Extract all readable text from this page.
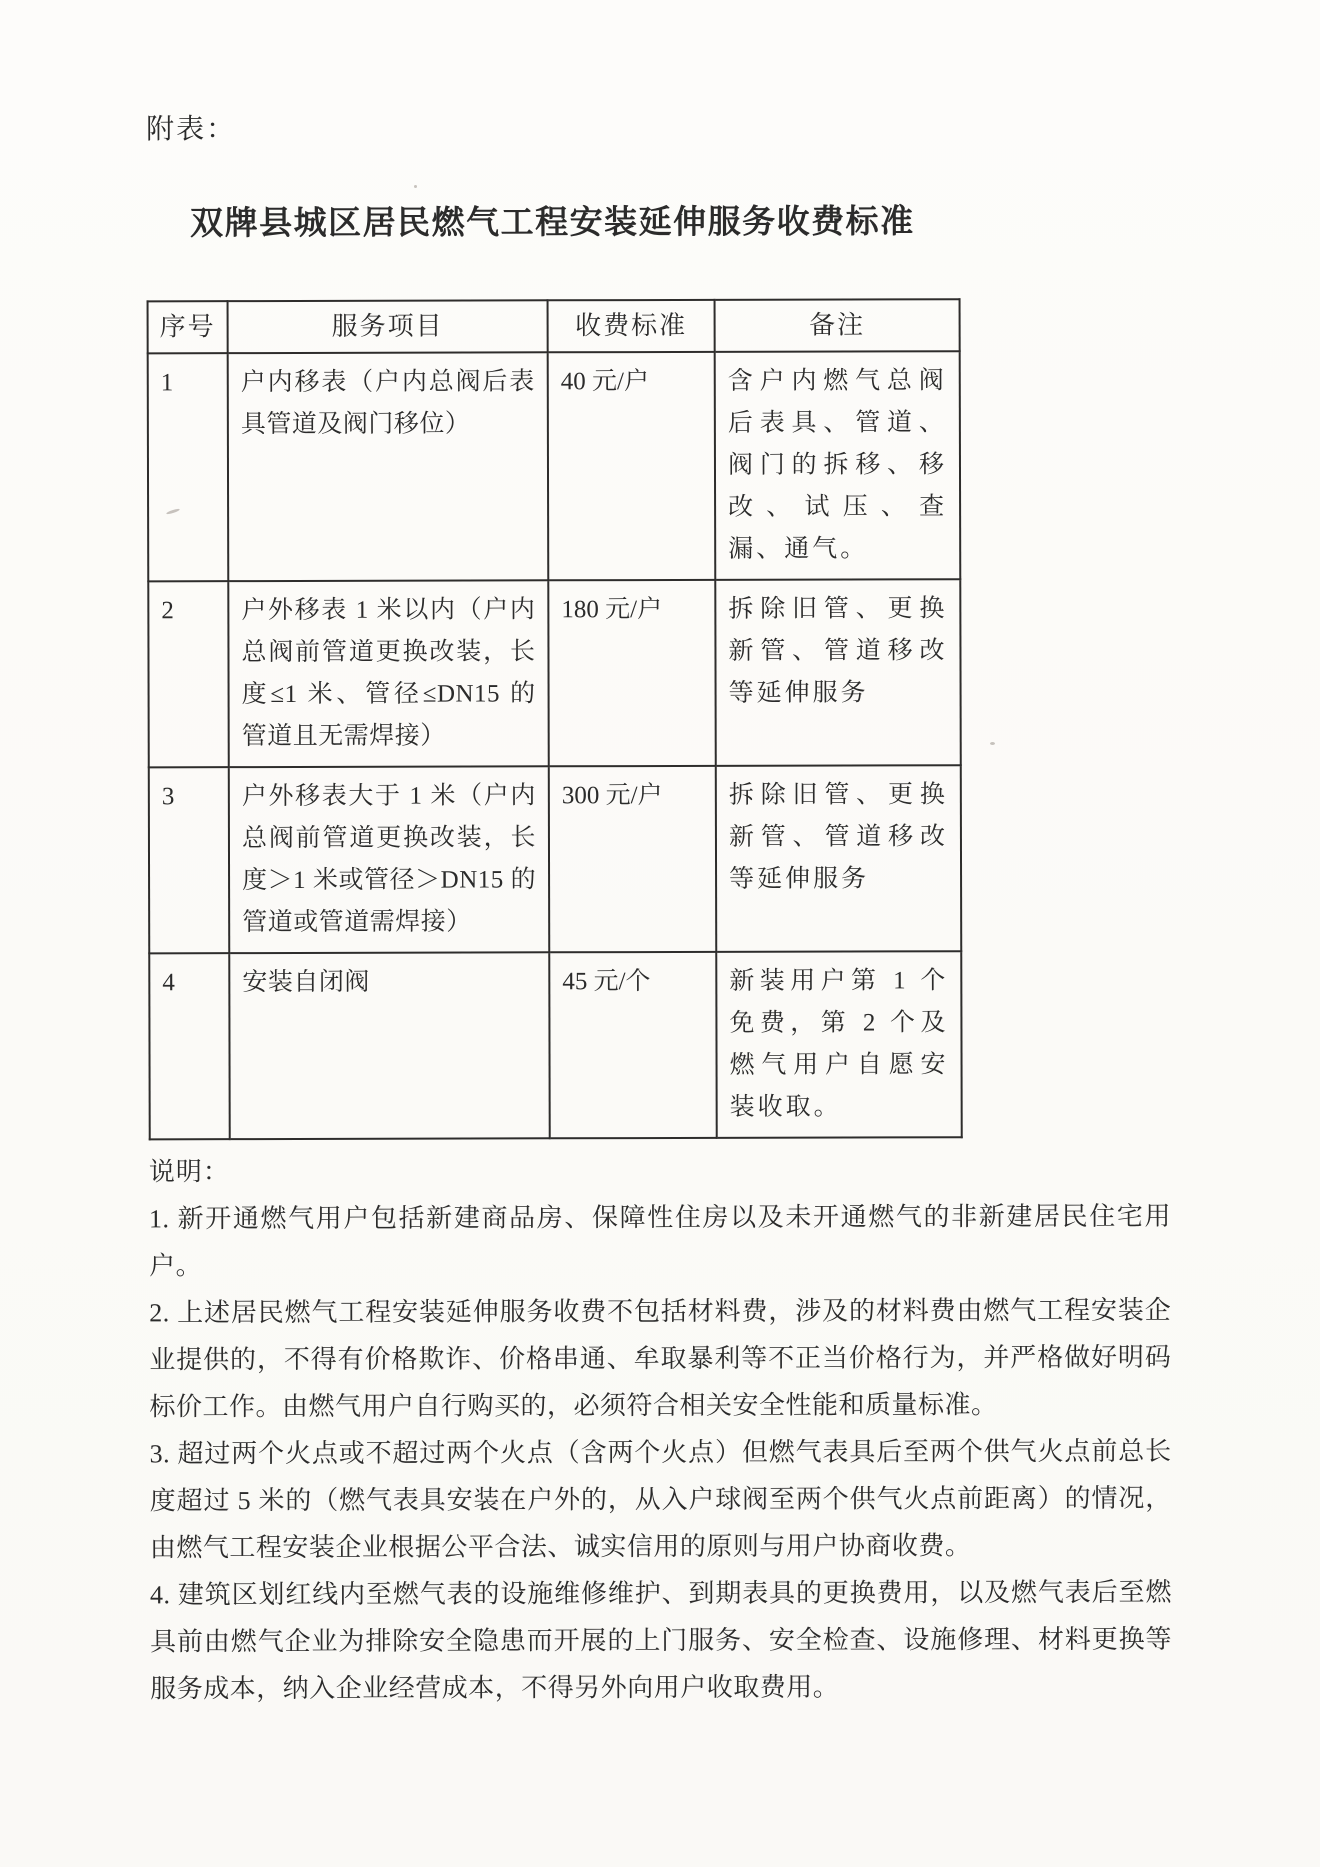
附表：
双牌县城区居民燃气工程安装延伸服务收费标准
序号	服务项目	收费标准	备注
1	户内移表（户内总阀后表具管道及阀门移位）	40 元/户	含户内燃气总阀后表具、管道、阀门的拆移、移改、试压、查漏、通气。
2	户外移表 1 米以内（户内总阀前管道更换改装，长度≤1 米、管径≤DN15 的管道且无需焊接）	180 元/户	拆除旧管、更换新管、管道移改等延伸服务
3	户外移表大于 1 米（户内总阀前管道更换改装，长度＞1 米或管径＞DN15 的管道或管道需焊接）	300 元/户	拆除旧管、更换新管、管道移改等延伸服务
4	安装自闭阀	45 元/个	新装用户第 1 个免费，第 2 个及燃气用户自愿安装收取。
说明：

1. 新开通燃气用户包括新建商品房、保障性住房以及未开通燃气的非新建居民住宅用户。

2. 上述居民燃气工程安装延伸服务收费不包括材料费，涉及的材料费由燃气工程安装企业提供的，不得有价格欺诈、价格串通、牟取暴利等不正当价格行为，并严格做好明码标价工作。由燃气用户自行购买的，必须符合相关安全性能和质量标准。

3. 超过两个火点或不超过两个火点（含两个火点）但燃气表具后至两个供气火点前总长度超过 5 米的（燃气表具安装在户外的，从入户球阀至两个供气火点前距离）的情况，由燃气工程安装企业根据公平合法、诚实信用的原则与用户协商收费。

4. 建筑区划红线内至燃气表的设施维修维护、到期表具的更换费用，以及燃气表后至燃具前由燃气企业为排除安全隐患而开展的上门服务、安全检查、设施修理、材料更换等服务成本，纳入企业经营成本，不得另外向用户收取费用。
